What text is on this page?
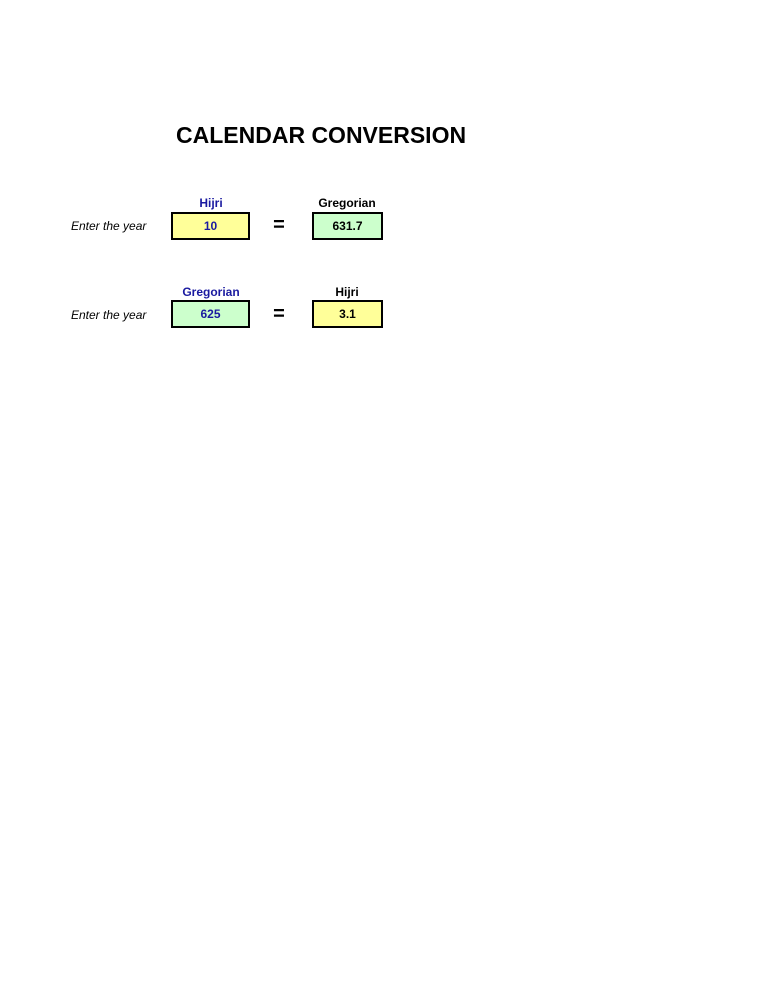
CALENDAR CONVERSION
Hijri	Gregorian
Enter the year
10	=	631.7
Gregorian	Hijri
Enter the year
625	=	3.1
